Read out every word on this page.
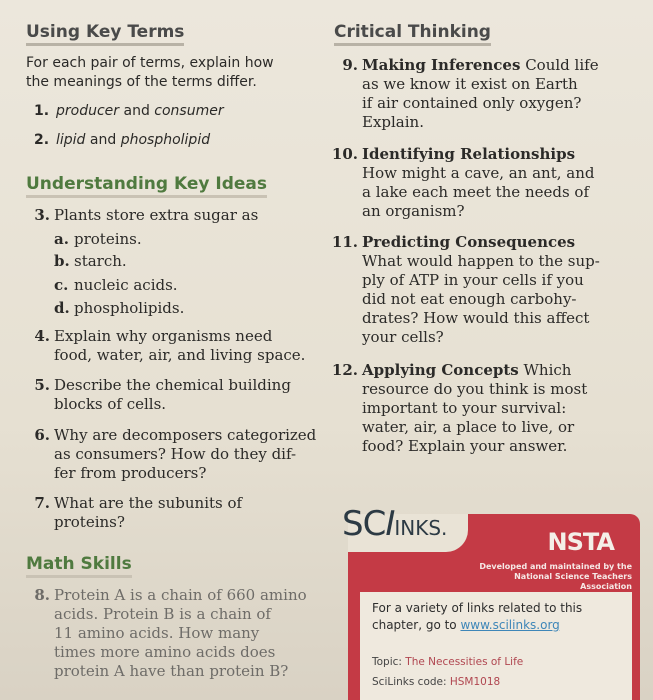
Using Key Terms
For each pair of terms, explain how
the meanings of the terms differ.
1. producer and consumer
2. lipid and phospholipid
Understanding Key Ideas
3. Plants store extra sugar as
a. proteins.
b. starch.
c. nucleic acids.
d. phospholipids.
4. Explain why organisms need
food, water, air, and living space.
5. Describe the chemical building
blocks of cells.
6. Why are decomposers categorized
as consumers? How do they dif-
fer from producers?
7. What are the subunits of
proteins?
Math Skills
8. Protein A is a chain of 660 amino
acids. Protein B is a chain of
11 amino acids. How many
times more amino acids does
protein A have than protein B?
Critical Thinking
9. Making Inferences Could life
as we know it exist on Earth
if air contained only oxygen?
Explain.
10. Identifying Relationships
How might a cave, an ant, and
a lake each meet the needs of
an organism?
11. Predicting Consequences
What would happen to the sup-
ply of ATP in your cells if you
did not eat enough carbohy-
drates? How would this affect
your cells?
12. Applying Concepts Which
resource do you think is most
important to your survival:
water, air, a place to live, or
food? Explain your answer.
NSTA
Developed and maintained by the
National Science Teachers Association
For a variety of links related to this
chapter, go to www.scilinks.org
Topic: The Necessities of Life
SciLinks code: HSM1018
SCIINKS.
